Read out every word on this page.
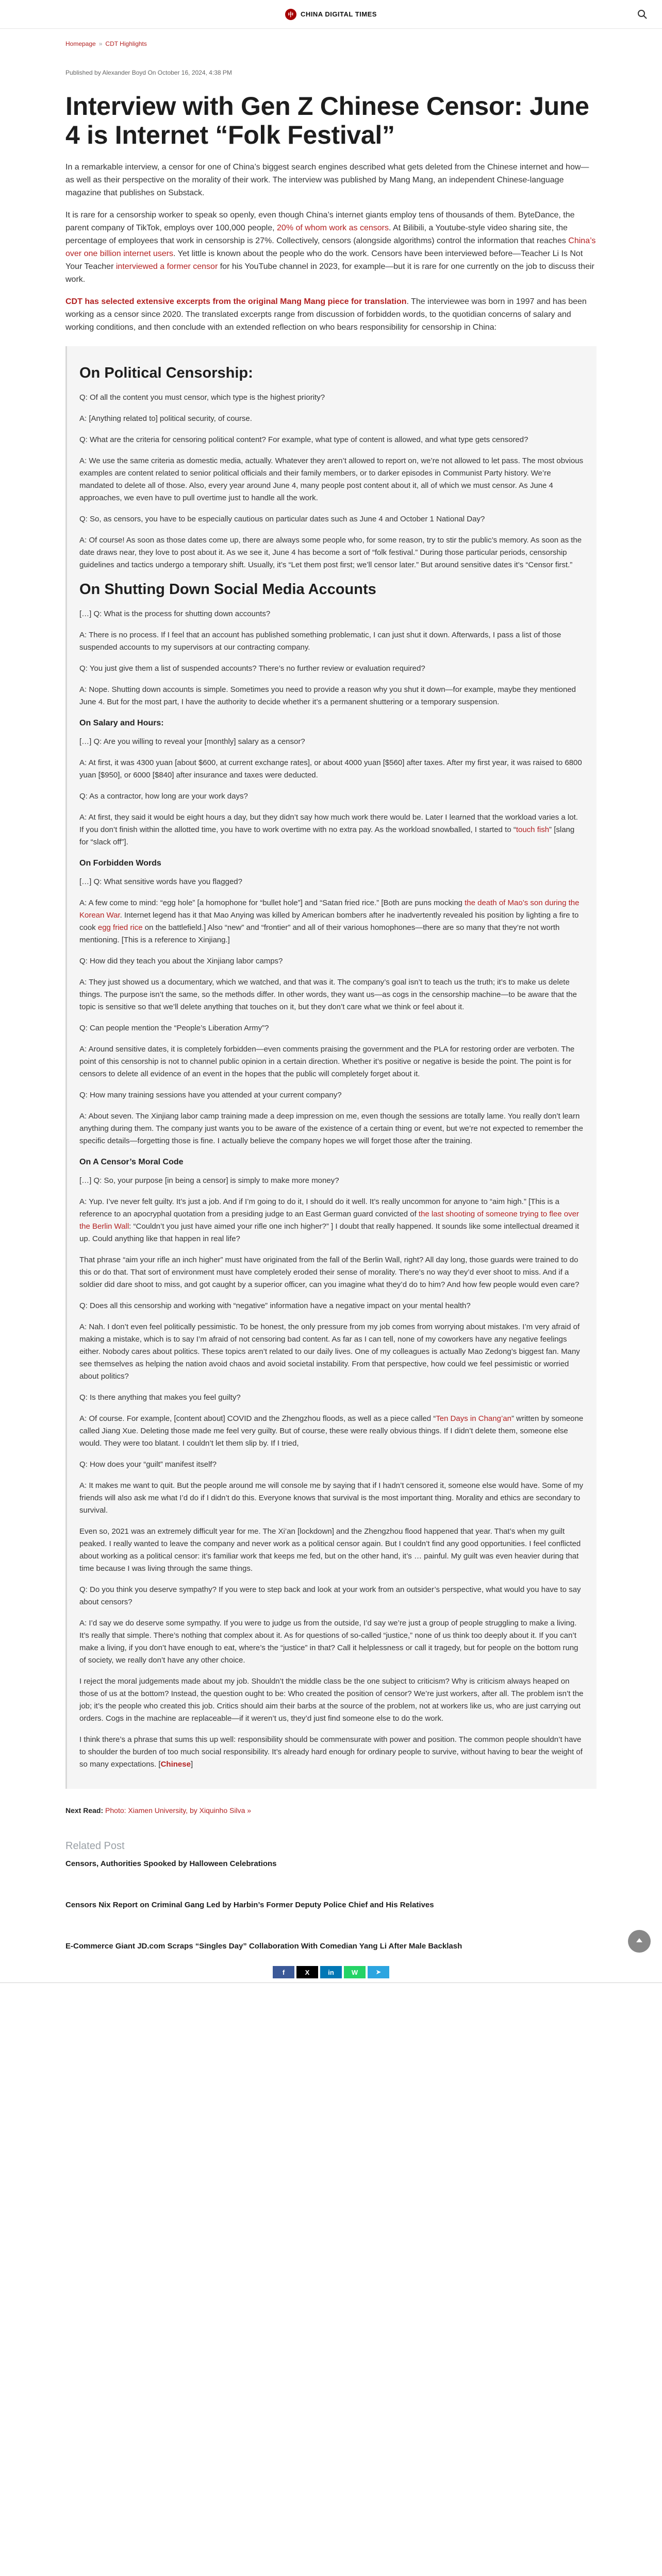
中	CHINA DIGITAL TIMES
Homepage » CDT Highlights
Published by Alexander Boyd On October 16, 2024, 4:38 PM
Interview with Gen Z Chinese Censor: June 4 is Internet “Folk Festival”

In a remarkable interview, a censor for one of China’s biggest search engines described what gets deleted from the Chinese internet and how—as well as their perspective on the morality of their work. The interview was published by Mang Mang, an independent Chinese-language magazine that publishes on Substack.

It is rare for a censorship worker to speak so openly, even though China’s internet giants employ tens of thousands of them. ByteDance, the parent company of TikTok, employs over 100,000 people, 20% of whom work as censors. At Bilibili, a Youtube-style video sharing site, the percentage of employees that work in censorship is 27%. Collectively, censors (alongside algorithms) control the information that reaches China’s over one billion internet users. Yet little is known about the people who do the work. Censors have been interviewed before—Teacher Li Is Not Your Teacher interviewed a former censor for his YouTube channel in 2023, for example—but it is rare for one currently on the job to discuss their work.

CDT has selected extensive excerpts from the original Mang Mang piece for translation. The interviewee was born in 1997 and has been working as a censor since 2020. The translated excerpts range from discussion of forbidden words, to the quotidian concerns of salary and working conditions, and then conclude with an extended reflection on who bears responsibility for censorship in China:

On Political Censorship:

Q: Of all the content you must censor, which type is the highest priority?

A: [Anything related to] political security, of course.

Q: What are the criteria for censoring political content? For example, what type of content is allowed, and what type gets censored?

A: We use the same criteria as domestic media, actually. Whatever they aren’t allowed to report on, we’re not allowed to let pass. The most obvious examples are content related to senior political officials and their family members, or to darker episodes in Communist Party history. We’re mandated to delete all of those. Also, every year around June 4, many people post content about it, all of which we must censor. As June 4 approaches, we even have to pull overtime just to handle all the work.

Q: So, as censors, you have to be especially cautious on particular dates such as June 4 and October 1 National Day?

A: Of course! As soon as those dates come up, there are always some people who, for some reason, try to stir the public’s memory. As soon as the date draws near, they love to post about it. As we see it, June 4 has become a sort of “folk festival.” During those particular periods, censorship guidelines and tactics undergo a temporary shift. Usually, it’s “Let them post first; we’ll censor later.” But around sensitive dates it’s “Censor first.”

On Shutting Down Social Media Accounts

[…] Q: What is the process for shutting down accounts?

A: There is no process. If I feel that an account has published something problematic, I can just shut it down. Afterwards, I pass a list of those suspended accounts to my supervisors at our contracting company.

Q: You just give them a list of suspended accounts? There’s no further review or evaluation required?

A: Nope. Shutting down accounts is simple. Sometimes you need to provide a reason why you shut it down—for example, maybe they mentioned June 4. But for the most part, I have the authority to decide whether it’s a permanent shuttering or a temporary suspension.

On Salary and Hours:

[…] Q: Are you willing to reveal your [monthly] salary as a censor?

A: At first, it was 4300 yuan [about $600, at current exchange rates], or about 4000 yuan [$560] after taxes. After my first year, it was raised to 6800 yuan [$950], or 6000 [$840] after insurance and taxes were deducted.

Q: As a contractor, how long are your work days?

A: At first, they said it would be eight hours a day, but they didn’t say how much work there would be. Later I learned that the workload varies a lot. If you don’t finish within the allotted time, you have to work overtime with no extra pay. As the workload snowballed, I started to “touch fish” [slang for “slack off”].

On Forbidden Words

[…] Q: What sensitive words have you flagged?

A: A few come to mind: “egg hole” [a homophone for “bullet hole”] and “Satan fried rice.” [Both are puns mocking the death of Mao’s son during the Korean War. Internet legend has it that Mao Anying was killed by American bombers after he inadvertently revealed his position by lighting a fire to cook egg fried rice on the battlefield.] Also “new” and “frontier” and all of their various homophones—there are so many that they’re not worth mentioning. [This is a reference to Xinjiang.]

Q: How did they teach you about the Xinjiang labor camps?

A: They just showed us a documentary, which we watched, and that was it. The company’s goal isn’t to teach us the truth; it’s to make us delete things. The purpose isn’t the same, so the methods differ. In other words, they want us—as cogs in the censorship machine—to be aware that the topic is sensitive so that we’ll delete anything that touches on it, but they don’t care what we think or feel about it.

Q: Can people mention the “People’s Liberation Army”?

A: Around sensitive dates, it is completely forbidden—even comments praising the government and the PLA for restoring order are verboten. The point of this censorship is not to channel public opinion in a certain direction. Whether it’s positive or negative is beside the point. The point is for censors to delete all evidence of an event in the hopes that the public will completely forget about it.

Q: How many training sessions have you attended at your current company?

A: About seven. The Xinjiang labor camp training made a deep impression on me, even though the sessions are totally lame. You really don’t learn anything during them. The company just wants you to be aware of the existence of a certain thing or event, but we’re not expected to remember the specific details—forgetting those is fine. I actually believe the company hopes we will forget those after the training.

On A Censor’s Moral Code

[…] Q: So, your purpose [in being a censor] is simply to make more money?

A: Yup. I’ve never felt guilty. It’s just a job. And if I’m going to do it, I should do it well. It’s really uncommon for anyone to “aim high.” [This is a reference to an apocryphal quotation from a presiding judge to an East German guard convicted of the last shooting of someone trying to flee over the Berlin Wall: “Couldn’t you just have aimed your rifle one inch higher?” ] I doubt that really happened. It sounds like some intellectual dreamed it up. Could anything like that happen in real life?

That phrase “aim your rifle an inch higher” must have originated from the fall of the Berlin Wall, right? All day long, those guards were trained to do this or do that. That sort of environment must have completely eroded their sense of morality. There’s no way they’d ever shoot to miss. And if a soldier did dare shoot to miss, and got caught by a superior officer, can you imagine what they’d do to him? And how few people would even care?

Q: Does all this censorship and working with “negative” information have a negative impact on your mental health?

A: Nah. I don’t even feel politically pessimistic. To be honest, the only pressure from my job comes from worrying about mistakes. I’m very afraid of making a mistake, which is to say I’m afraid of not censoring bad content. As far as I can tell, none of my coworkers have any negative feelings either. Nobody cares about politics. These topics aren’t related to our daily lives. One of my colleagues is actually Mao Zedong’s biggest fan. Many see themselves as helping the nation avoid chaos and avoid societal instability. From that perspective, how could we feel pessimistic or worried about politics?

Q: Is there anything that makes you feel guilty?

A: Of course. For example, [content about] COVID and the Zhengzhou floods, as well as a piece called “Ten Days in Chang’an” written by someone called Jiang Xue. Deleting those made me feel very guilty. But of course, these were really obvious things. If I didn’t delete them, someone else would. They were too blatant. I couldn’t let them slip by. If I tried,

Q: How does your “guilt” manifest itself?

A: It makes me want to quit. But the people around me will console me by saying that if I hadn’t censored it, someone else would have. Some of my friends will also ask me what I’d do if I didn’t do this. Everyone knows that survival is the most important thing. Morality and ethics are secondary to survival.

Even so, 2021 was an extremely difficult year for me. The Xi’an [lockdown] and the Zhengzhou flood happened that year. That’s when my guilt peaked. I really wanted to leave the company and never work as a political censor again. But I couldn’t find any good opportunities. I feel conflicted about working as a political censor: it’s familiar work that keeps me fed, but on the other hand, it’s … painful. My guilt was even heavier during that time because I was living through the same things.

Q: Do you think you deserve sympathy? If you were to step back and look at your work from an outsider’s perspective, what would you have to say about censors?

A: I’d say we do deserve some sympathy. If you were to judge us from the outside, I’d say we’re just a group of people struggling to make a living. It’s really that simple. There’s nothing that complex about it. As for questions of so-called “justice,” none of us think too deeply about it. If you can’t make a living, if you don’t have enough to eat, where’s the “justice” in that? Call it helplessness or call it tragedy, but for people on the bottom rung of society, we really don’t have any other choice.

I reject the moral judgements made about my job. Shouldn’t the middle class be the one subject to criticism? Why is criticism always heaped on those of us at the bottom? Instead, the question ought to be: Who created the position of censor? We’re just workers, after all. The problem isn’t the job; it’s the people who created this job. Critics should aim their barbs at the source of the problem, not at workers like us, who are just carrying out orders. Cogs in the machine are replaceable—if it weren’t us, they’d just find someone else to do the work.

I think there’s a phrase that sums this up well: responsibility should be commensurate with power and position. The common people shouldn’t have to shoulder the burden of too much social responsibility. It’s already hard enough for ordinary people to survive, without having to bear the weight of so many expectations. [Chinese]

Next Read: Photo: Xiamen University, by Xiquinho Silva »
Related Post
Censors, Authorities Spooked by Halloween Celebrations
Censors Nix Report on Criminal Gang Led by Harbin’s Former Deputy Police Chief and His Relatives
E-Commerce Giant JD.com Scraps “Singles Day” Collaboration With Comedian Yang Li After Male Backlash
f	X	in	W	➤
